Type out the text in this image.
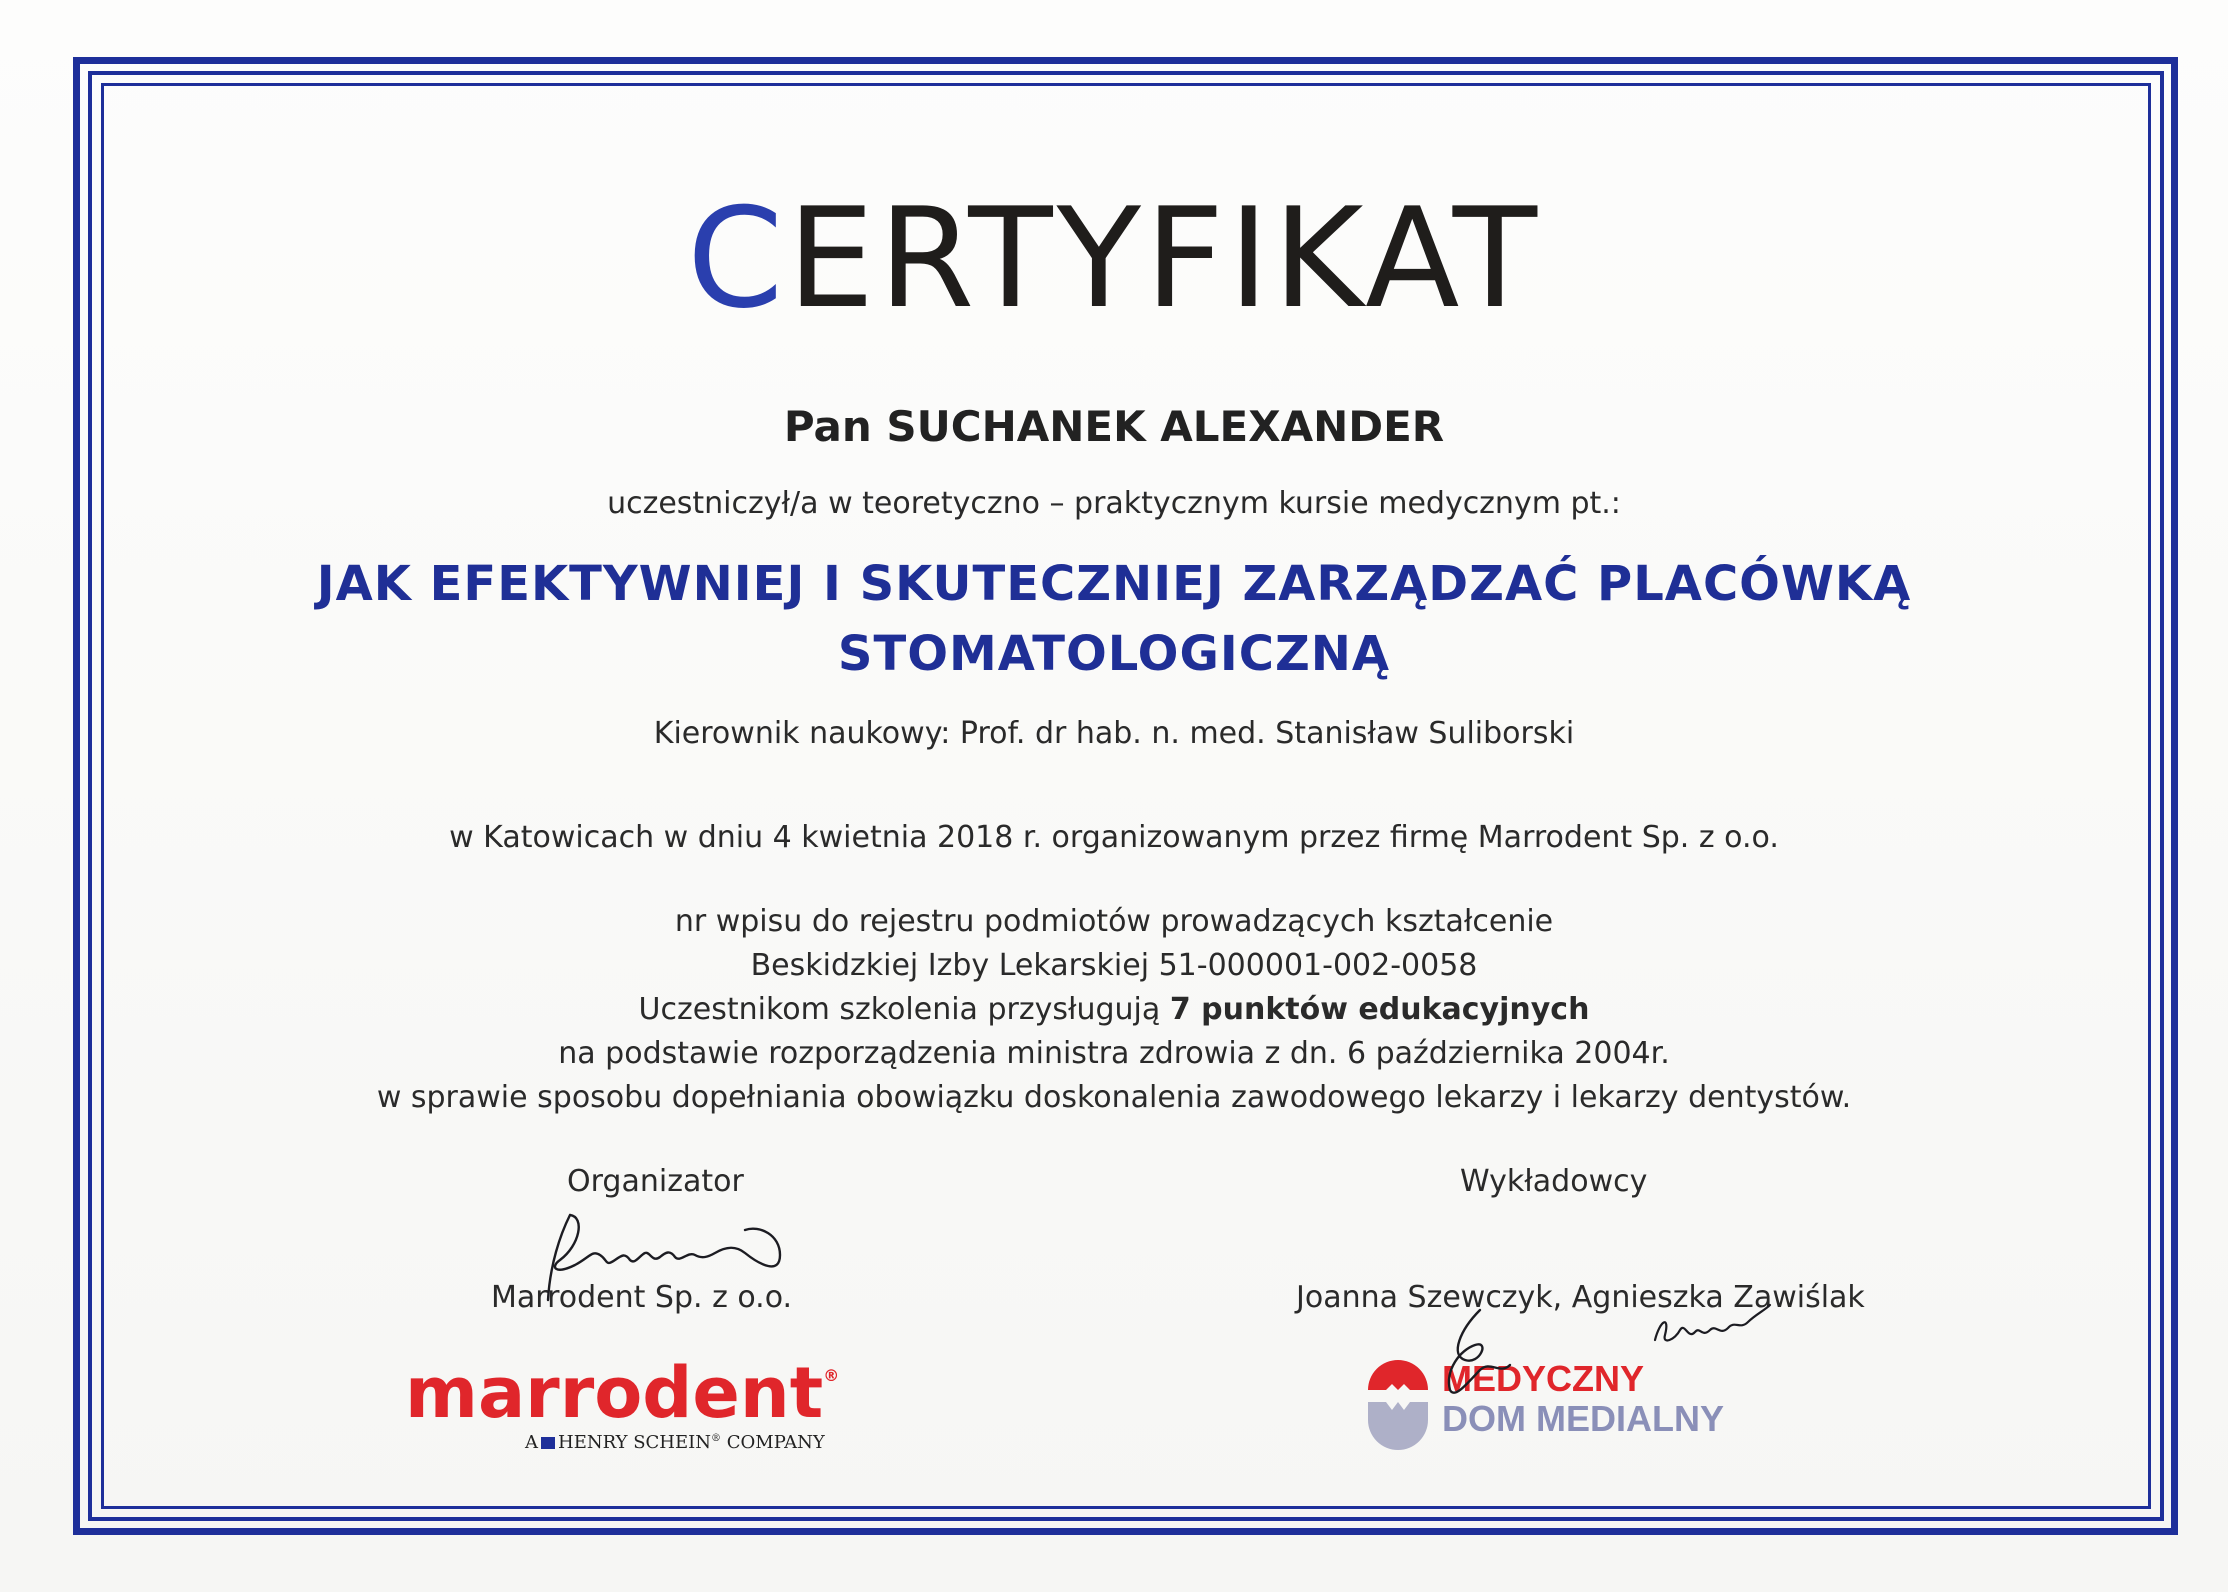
CERTYFIKAT
Pan SUCHANEK ALEXANDER
uczestniczył/a w teoretyczno – praktycznym kursie medycznym pt.:
JAK EFEKTYWNIEJ I SKUTECZNIEJ ZARZĄDZAĆ PLACÓWKĄ
STOMATOLOGICZNĄ
Kierownik naukowy: Prof. dr hab. n. med. Stanisław Suliborski
w Katowicach w dniu 4 kwietnia 2018 r. organizowanym przez firmę Marrodent Sp. z o.o.
nr wpisu do rejestru podmiotów prowadzących kształcenie
Beskidzkiej Izby Lekarskiej 51-000001-002-0058
Uczestnikom szkolenia przysługują 7 punktów edukacyjnych
na podstawie rozporządzenia ministra zdrowia z dn. 6 października 2004r.
w sprawie sposobu dopełniania obowiązku doskonalenia zawodowego lekarzy i lekarzy dentystów.
Organizator	Wykładowcy
Marrodent Sp. z o.o.	Joanna Szewczyk, Agnieszka Zawiślak
marrodent®
A HENRY SCHEIN® COMPANY
MEDYCZNY
DOM MEDIALNY
